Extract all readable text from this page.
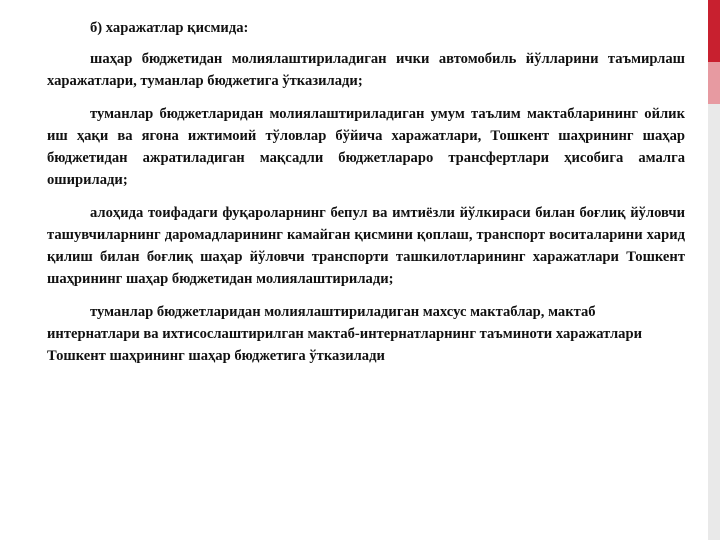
б) харажатлар қисмида:

шаҳар бюджетидан молиялаштириладиган ички автомобиль йўлларини таъмирлаш харажатлари, туманлар бюджетига ўтказилади;

туманлар бюджетларидан молиялаштириладиган умум таълим мактабларининг ойлик иш ҳақи ва ягона ижтимоий тўловлар бўйича харажатлари, Тошкент шаҳрининг шаҳар бюджетидан ажратиладиган мақсадли бюджетлараро трансфертлари ҳисобига амалга оширилади;

алоҳида тоифадаги фуқароларнинг бепул ва имтиёзли йўлкираси билан боғлиқ йўловчи ташувчиларнинг даромадларининг камайган қисмини қоплаш, транспорт воситаларини харид қилиш билан боғлиқ шаҳар йўловчи транспорти ташкилотларининг харажатлари Тошкент шаҳрининг шаҳар бюджетидан молиялаштирилади;

туманлар бюджетларидан молиялаштириладиган махсус мактаблар, мактаб интернатлари ва ихтисослаштирилган мактаб-интернатларнинг таъминоти харажатлари Тошкент шаҳрининг шаҳар бюджетига ўтказилади
